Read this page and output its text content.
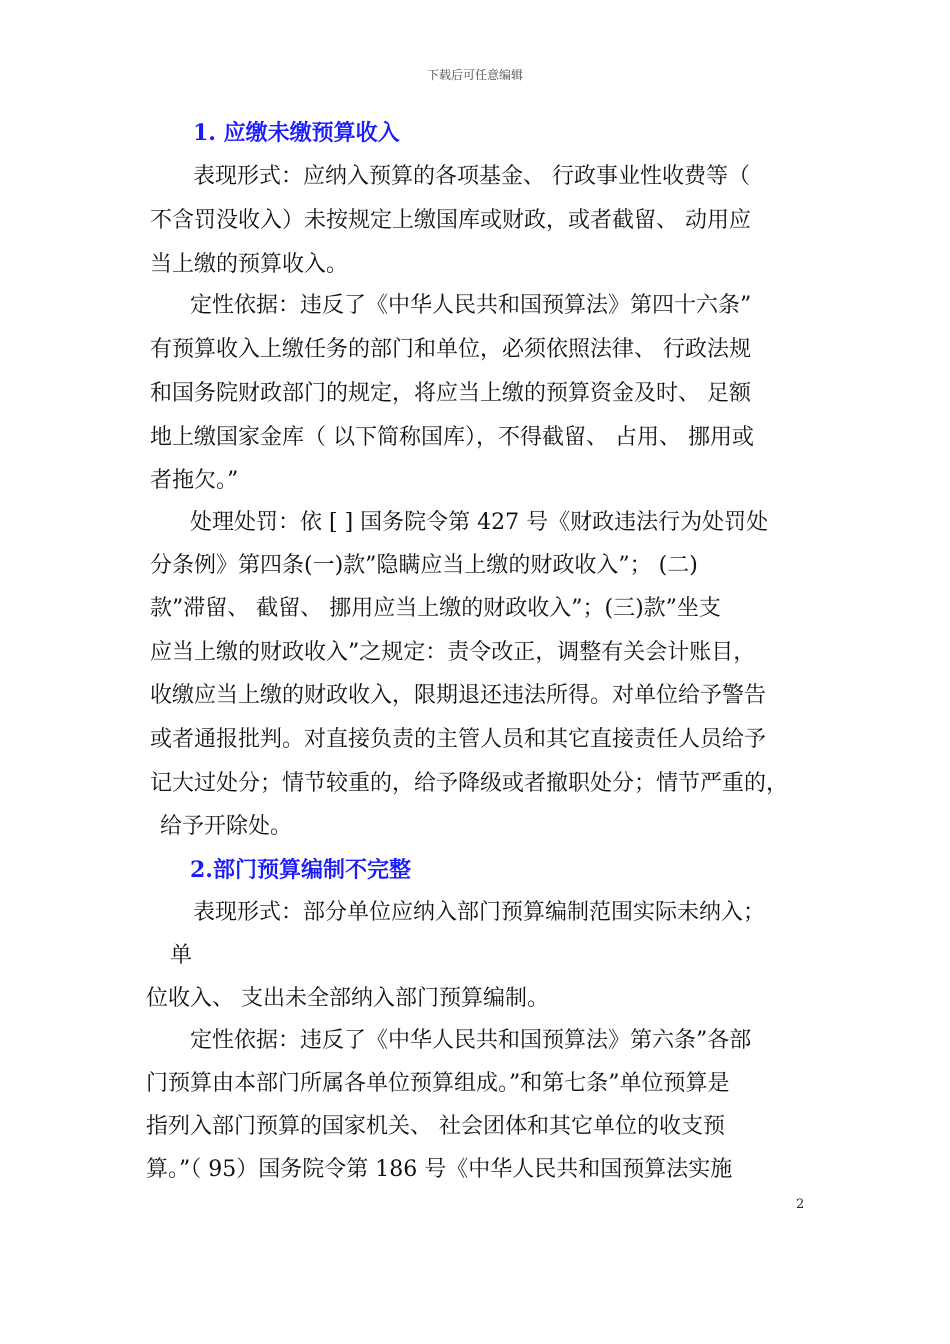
下载后可任意编辑
1. 应缴未缴预算收入
表现形式：应纳入预算的各项基金、 行政事业性收费等（
不含罚没收入）未按规定上缴国库或财政，或者截留、 动用应
当上缴的预算收入。
定性依据：违反了《中华人民共和国预算法》第四十六条”
有预算收入上缴任务的部门和单位，必须依照法律、 行政法规
和国务院财政部门的规定，将应当上缴的预算资金及时、 足额
地上缴国家金库（ 以下简称国库），不得截留、 占用、 挪用或
者拖欠。”
处理处罚：依 [ ] 国务院令第 427 号《财政违法行为处罚处
分条例》第四条(一)款”隐瞒应当上缴的财政收入”； (二)
款”滞留、 截留、 挪用应当上缴的财政收入”；(三)款”坐支
应当上缴的财政收入”之规定：责令改正，调整有关会计账目，
收缴应当上缴的财政收入，限期退还违法所得。对单位给予警告
或者通报批判。对直接负责的主管人员和其它直接责任人员给予
记大过处分；情节较重的，给予降级或者撤职处分；情节严重的，
给予开除处。
2.部门预算编制不完整
表现形式：部分单位应纳入部门预算编制范围实际未纳入；
单
位收入、 支出未全部纳入部门预算编制。
定性依据：违反了《中华人民共和国预算法》第六条”各部
门预算由本部门所属各单位预算组成。”和第七条”单位预算是
指列入部门预算的国家机关、 社会团体和其它单位的收支预
算。”（ 95）国务院令第 186 号《中华人民共和国预算法实施
2
